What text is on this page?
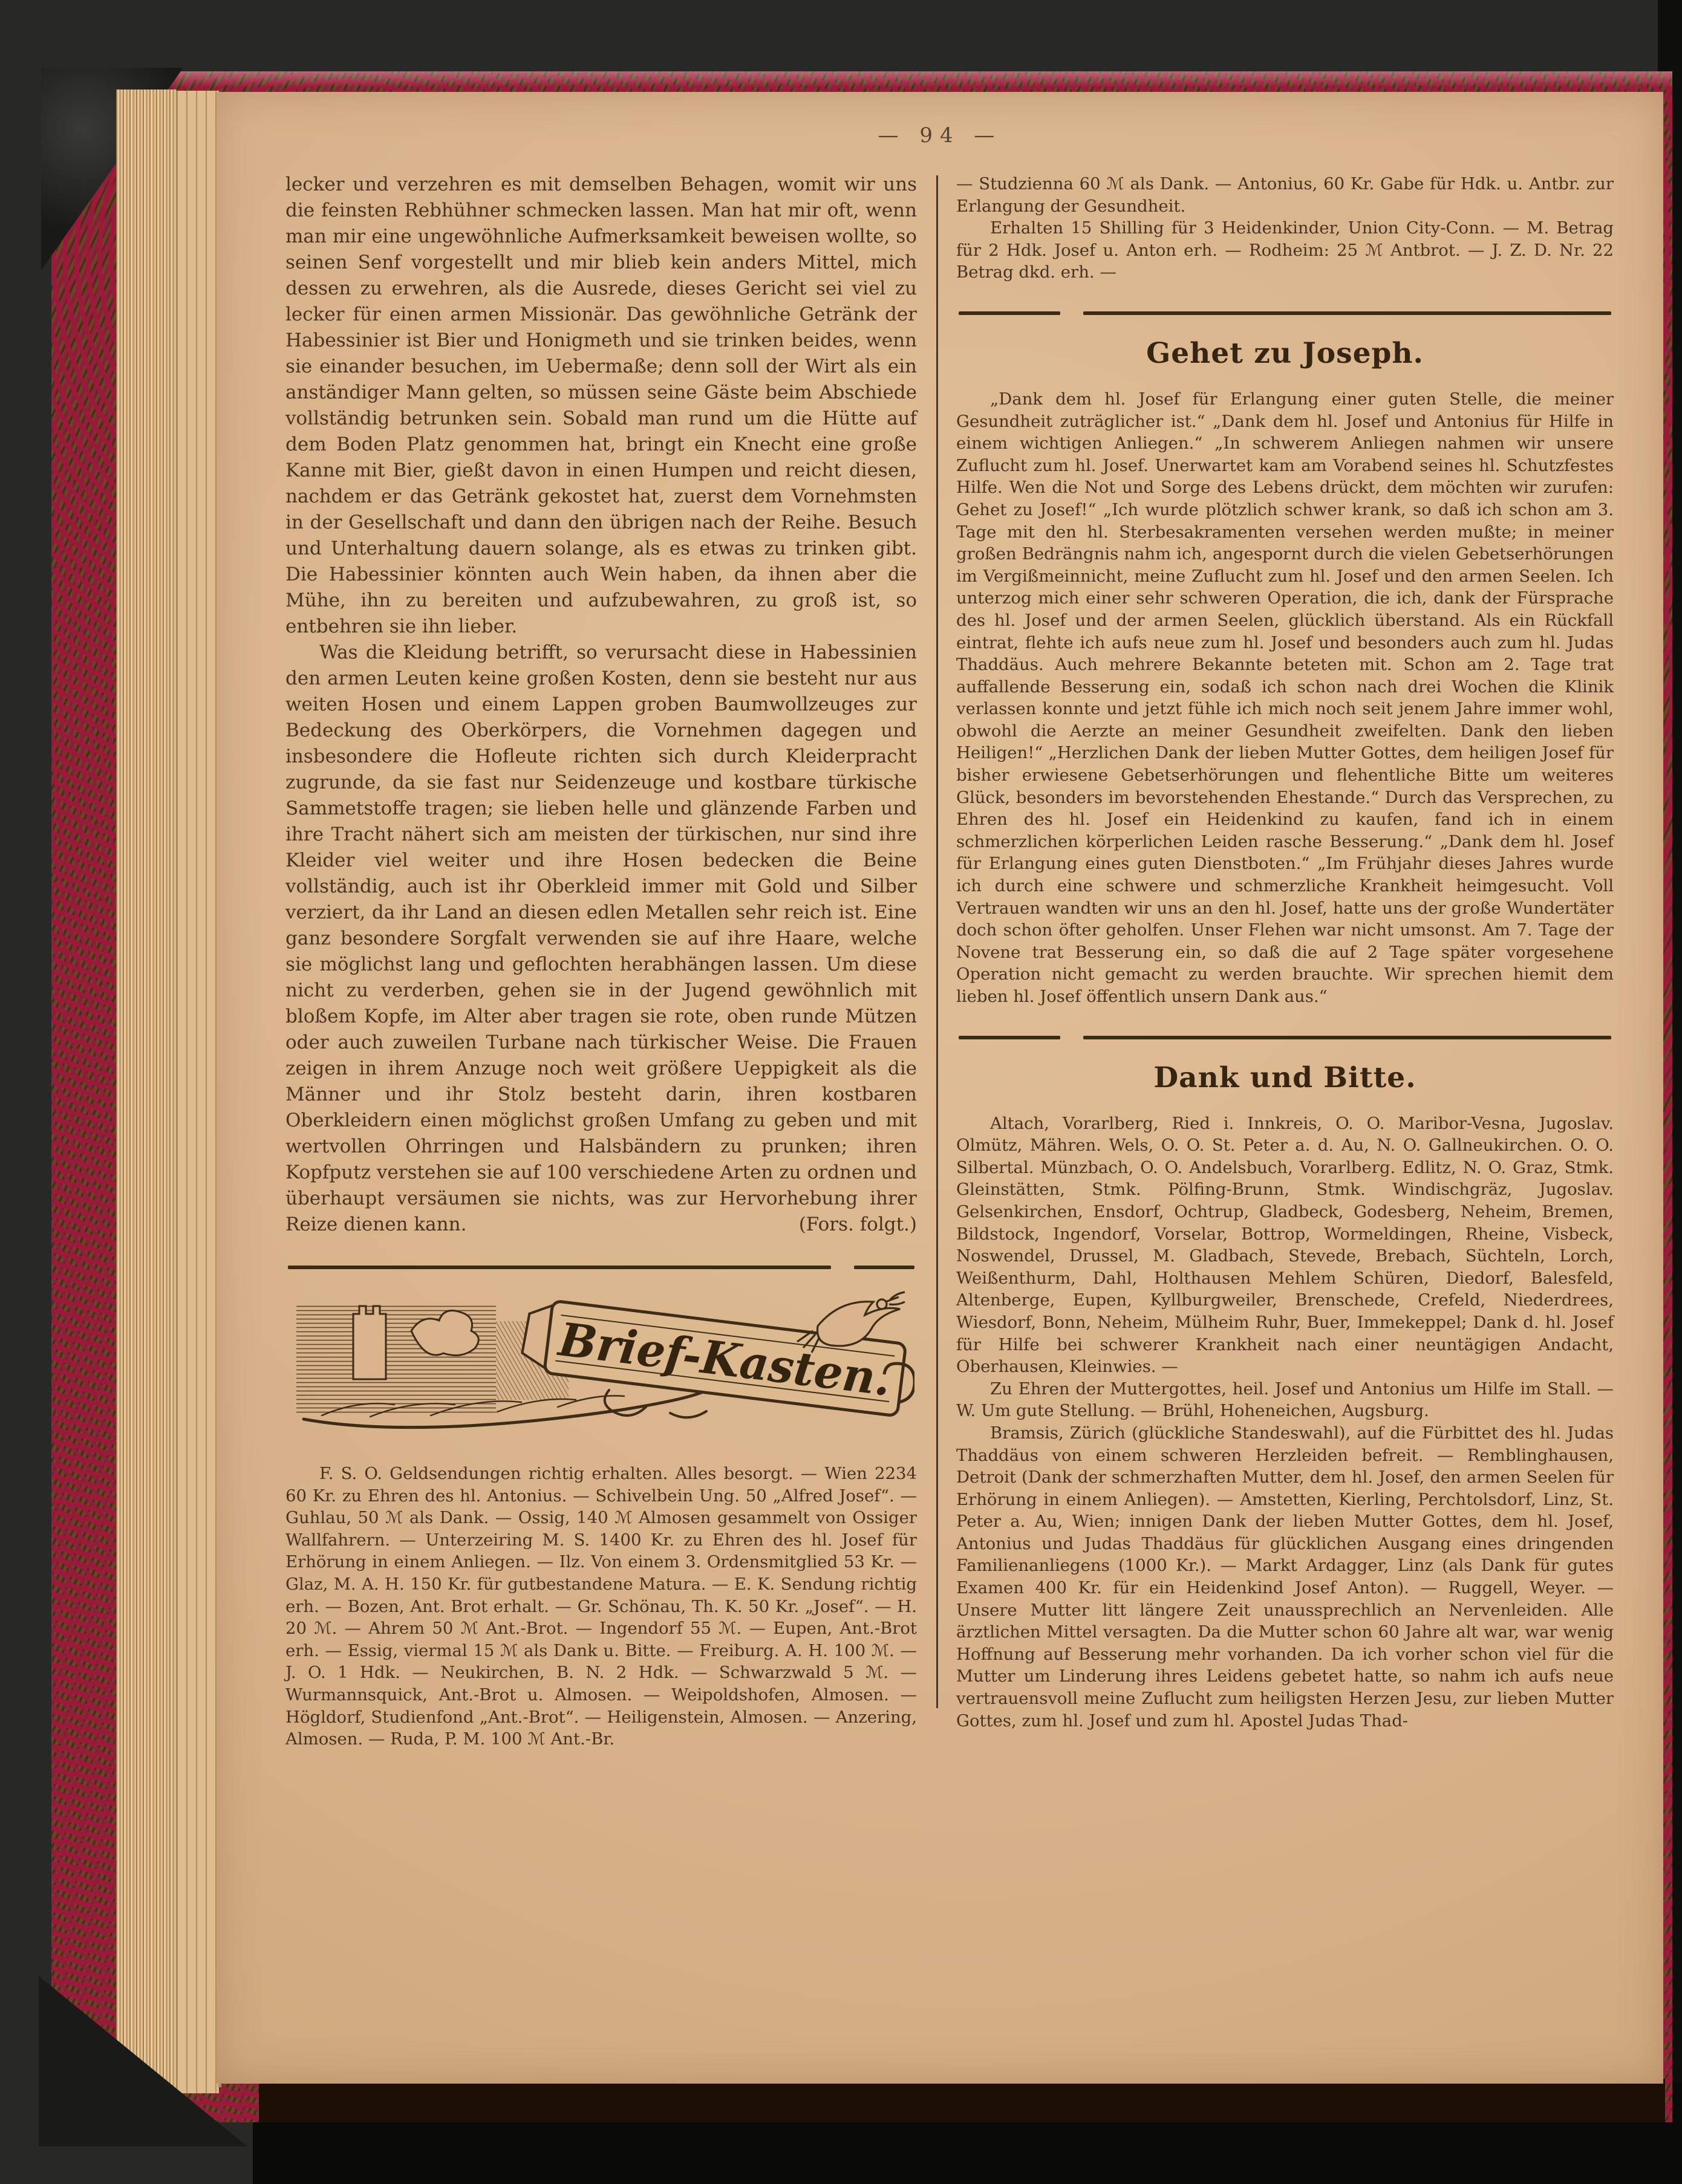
— 94 —

lecker und verzehren es mit demselben Behagen, womit wir uns die feinsten Rebhühner schmecken lassen. Man hat mir oft, wenn man mir eine ungewöhnliche Aufmerksamkeit beweisen wollte, so seinen Senf vorgestellt und mir blieb kein anders Mittel, mich dessen zu erwehren, als die Ausrede, dieses Gericht sei viel zu lecker für einen armen Missionär. Das gewöhnliche Getränk der Habessinier ist Bier und Honigmeth und sie trinken beides, wenn sie einander besuchen, im Uebermaße; denn soll der Wirt als ein anständiger Mann gelten, so müssen seine Gäste beim Abschiede vollständig betrunken sein. Sobald man rund um die Hütte auf dem Boden Platz genommen hat, bringt ein Knecht eine große Kanne mit Bier, gießt davon in einen Humpen und reicht diesen, nachdem er das Getränk gekostet hat, zuerst dem Vornehmsten in der Gesellschaft und dann den übrigen nach der Reihe. Besuch und Unterhaltung dauern solange, als es etwas zu trinken gibt. Die Habessinier könnten auch Wein haben, da ihnen aber die Mühe, ihn zu bereiten und aufzubewahren, zu groß ist, so entbehren sie ihn lieber.

Was die Kleidung betrifft, so verursacht diese in Habessinien den armen Leuten keine großen Kosten, denn sie besteht nur aus weiten Hosen und einem Lappen groben Baumwollzeuges zur Bedeckung des Oberkörpers, die Vornehmen dagegen und insbesondere die Hofleute richten sich durch Kleiderpracht zugrunde, da sie fast nur Seidenzeuge und kostbare türkische Sammetstoffe tragen; sie lieben helle und glänzende Farben und ihre Tracht nähert sich am meisten der türkischen, nur sind ihre Kleider viel weiter und ihre Hosen bedecken die Beine vollständig, auch ist ihr Oberkleid immer mit Gold und Silber verziert, da ihr Land an diesen edlen Metallen sehr reich ist. Eine ganz besondere Sorgfalt verwenden sie auf ihre Haare, welche sie möglichst lang und geflochten herabhängen lassen. Um diese nicht zu verderben, gehen sie in der Jugend gewöhnlich mit bloßem Kopfe, im Alter aber tragen sie rote, oben runde Mützen oder auch zuweilen Turbane nach türkischer Weise. Die Frauen zeigen in ihrem Anzuge noch weit größere Ueppigkeit als die Männer und ihr Stolz besteht darin, ihren kostbaren Oberkleidern einen möglichst großen Umfang zu geben und mit wertvollen Ohrringen und Halsbändern zu prunken; ihren Kopfputz verstehen sie auf 100 verschiedene Arten zu ordnen und überhaupt versäumen sie nichts, was zur Hervorhebung ihrer Reize dienen kann.	(Fors. folgt.)

Brief-Kasten.

F. S. O. Geldsendungen richtig erhalten. Alles besorgt. — Wien 2234 60 Kr. zu Ehren des hl. Antonius. — Schivelbein Ung. 50 „Alfred Josef“. — Guhlau, 50 ℳ als Dank. — Ossig, 140 ℳ Almosen gesammelt von Ossiger Wallfahrern. — Unterzeiring M. S. 1400 Kr. zu Ehren des hl. Josef für Erhörung in einem Anliegen. — Ilz. Von einem 3. Ordensmitglied 53 Kr. — Glaz, M. A. H. 150 Kr. für gutbestandene Matura. — E. K. Sendung richtig erh. — Bozen, Ant. Brot erhalt. — Gr. Schönau, Th. K. 50 Kr. „Josef“. — H. 20 ℳ. — Ahrem 50 ℳ Ant.-Brot. — Ingendorf 55 ℳ. — Eupen, Ant.-Brot erh. — Essig, viermal 15 ℳ als Dank u. Bitte. — Freiburg. A. H. 100 ℳ. — J. O. 1 Hdk. — Neukirchen, B. N. 2 Hdk. — Schwarzwald 5 ℳ. — Wurmannsquick, Ant.-Brot u. Almosen. — Weipoldshofen, Almosen. — Högldorf, Studienfond „Ant.-Brot“. — Heiligenstein, Almosen. — Anzering, Almosen. — Ruda, P. M. 100 ℳ Ant.-Br.

— Studzienna 60 ℳ als Dank. — Antonius, 60 Kr. Gabe für Hdk. u. Antbr. zur Erlangung der Gesundheit.

Erhalten 15 Shilling für 3 Heidenkinder, Union City-Conn. — M. Betrag für 2 Hdk. Josef u. Anton erh. — Rodheim: 25 ℳ Antbrot. — J. Z. D. Nr. 22 Betrag dkd. erh. —

Gehet zu Joseph.

„Dank dem hl. Josef für Erlangung einer guten Stelle, die meiner Gesundheit zuträglicher ist.“ „Dank dem hl. Josef und Antonius für Hilfe in einem wichtigen Anliegen.“ „In schwerem Anliegen nahmen wir unsere Zuflucht zum hl. Josef. Unerwartet kam am Vorabend seines hl. Schutzfestes Hilfe. Wen die Not und Sorge des Lebens drückt, dem möchten wir zurufen: Gehet zu Josef!“ „Ich wurde plötzlich schwer krank, so daß ich schon am 3. Tage mit den hl. Sterbesakramenten versehen werden mußte; in meiner großen Bedrängnis nahm ich, angespornt durch die vielen Gebetserhörungen im Vergißmeinnicht, meine Zuflucht zum hl. Josef und den armen Seelen. Ich unterzog mich einer sehr schweren Operation, die ich, dank der Fürsprache des hl. Josef und der armen Seelen, glücklich überstand. Als ein Rückfall eintrat, flehte ich aufs neue zum hl. Josef und besonders auch zum hl. Judas Thaddäus. Auch mehrere Bekannte beteten mit. Schon am 2. Tage trat auffallende Besserung ein, sodaß ich schon nach drei Wochen die Klinik verlassen konnte und jetzt fühle ich mich noch seit jenem Jahre immer wohl, obwohl die Aerzte an meiner Gesundheit zweifelten. Dank den lieben Heiligen!“ „Herzlichen Dank der lieben Mutter Gottes, dem heiligen Josef für bisher erwiesene Gebetserhörungen und flehentliche Bitte um weiteres Glück, besonders im bevorstehenden Ehestande.“ Durch das Versprechen, zu Ehren des hl. Josef ein Heidenkind zu kaufen, fand ich in einem schmerzlichen körperlichen Leiden rasche Besserung.“ „Dank dem hl. Josef für Erlangung eines guten Dienstboten.“ „Im Frühjahr dieses Jahres wurde ich durch eine schwere und schmerzliche Krankheit heimgesucht. Voll Vertrauen wandten wir uns an den hl. Josef, hatte uns der große Wundertäter doch schon öfter geholfen. Unser Flehen war nicht umsonst. Am 7. Tage der Novene trat Besserung ein, so daß die auf 2 Tage später vorgesehene Operation nicht gemacht zu werden brauchte. Wir sprechen hiemit dem lieben hl. Josef öffentlich unsern Dank aus.“

Dank und Bitte.

Altach, Vorarlberg, Ried i. Innkreis, O. O. Maribor-Vesna, Jugoslav. Olmütz, Mähren. Wels, O. O. St. Peter a. d. Au, N. O. Gallneukirchen. O. O. Silbertal. Münzbach, O. O. Andelsbuch, Vorarlberg. Edlitz, N. O. Graz, Stmk. Gleinstätten, Stmk. Pölfing-Brunn, Stmk. Windischgräz, Jugoslav. Gelsenkirchen, Ensdorf, Ochtrup, Gladbeck, Godesberg, Neheim, Bremen, Bildstock, Ingendorf, Vorselar, Bottrop, Wormeldingen, Rheine, Visbeck, Noswendel, Drussel, M. Gladbach, Stevede, Brebach, Süchteln, Lorch, Weißenthurm, Dahl, Holthausen Mehlem Schüren, Diedorf, Balesfeld, Altenberge, Eupen, Kyllburgweiler, Brenschede, Crefeld, Niederdrees, Wiesdorf, Bonn, Neheim, Mülheim Ruhr, Buer, Immekeppel; Dank d. hl. Josef für Hilfe bei schwerer Krankheit nach einer neuntägigen Andacht, Oberhausen, Kleinwies. —

Zu Ehren der Muttergottes, heil. Josef und Antonius um Hilfe im Stall. — W. Um gute Stellung. — Brühl, Hoheneichen, Augsburg.

Bramsis, Zürich (glückliche Standeswahl), auf die Fürbittet des hl. Judas Thaddäus von einem schweren Herzleiden befreit. — Remblinghausen, Detroit (Dank der schmerzhaften Mutter, dem hl. Josef, den armen Seelen für Erhörung in einem Anliegen). — Amstetten, Kierling, Perchtolsdorf, Linz, St. Peter a. Au, Wien; innigen Dank der lieben Mutter Gottes, dem hl. Josef, Antonius und Judas Thaddäus für glücklichen Ausgang eines dringenden Familienanliegens (1000 Kr.). — Markt Ardagger, Linz (als Dank für gutes Examen 400 Kr. für ein Heidenkind Josef Anton). — Ruggell, Weyer. — Unsere Mutter litt längere Zeit unaussprechlich an Nervenleiden. Alle ärztlichen Mittel versagten. Da die Mutter schon 60 Jahre alt war, war wenig Hoffnung auf Besserung mehr vorhanden. Da ich vorher schon viel für die Mutter um Linderung ihres Leidens gebetet hatte, so nahm ich aufs neue vertrauensvoll meine Zuflucht zum heiligsten Herzen Jesu, zur lieben Mutter Gottes, zum hl. Josef und zum hl. Apostel Judas Thad-
